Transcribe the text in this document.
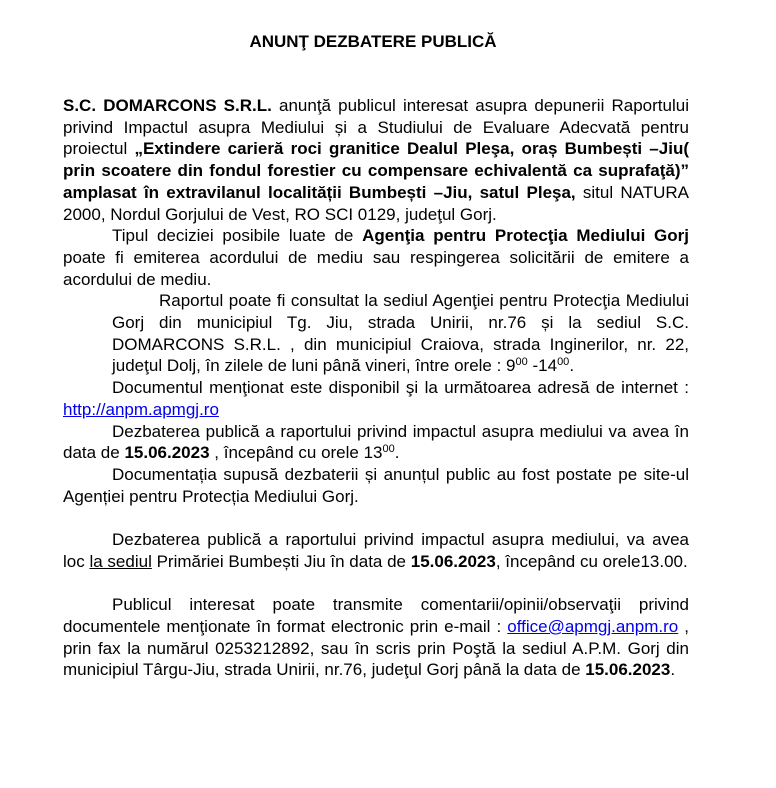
ANUNŢ DEZBATERE PUBLICĂ

S.C. DOMARCONS S.R.L. anunţă publicul interesat asupra depunerii Raportului privind Impactul asupra Mediului și a Studiului de Evaluare Adecvată pentru proiectul „Extindere carieră roci granitice Dealul Pleşa, oraș Bumbești –Jiu( prin scoatere din fondul forestier cu compensare echivalentă ca suprafaţă)” amplasat în extravilanul localității Bumbești –Jiu, satul Pleşa, situl NATURA 2000, Nordul Gorjului de Vest, RO SCI 0129, judeţul Gorj.

Tipul deciziei posibile luate de Agenţia pentru Protecţia Mediului Gorj poate fi emiterea acordului de mediu sau respingerea solicitării de emitere a acordului de mediu.

Raportul poate fi consultat la sediul Agenţiei pentru Protecţia Mediului Gorj din municipiul Tg. Jiu, strada Unirii, nr.76 și la sediul S.C. DOMARCONS S.R.L. , din municipiul Craiova, strada Inginerilor, nr. 22, judeţul Dolj, în zilele de luni până vineri, între orele : $9^{00}$ $-14^{00}$.

Documentul menţionat este disponibil şi la următoarea adresă de internet : http://anpm.apmgj.ro

Dezbaterea publică a raportului privind impactul asupra mediului va avea în data de 15.06.2023 , începând cu orele $13^{00}$.

Documentația supusă dezbaterii și anunțul public au fost postate pe site-ul Agenției pentru Protecția Mediului Gorj.

Dezbaterea publică a raportului privind impactul asupra mediului, va avea loc la sediul Primăriei Bumbești Jiu în data de 15.06.2023, începând cu orele13.00.

Publicul interesat poate transmite comentarii/opinii/observaţii privind documentele menţionate în format electronic prin e-mail : office@apmgj.anpm.ro , prin fax la numărul 0253212892, sau în scris prin Poştă la sediul A.P.M. Gorj din municipiul Târgu-Jiu, strada Unirii, nr.76, judeţul Gorj până la data de 15.06.2023.
